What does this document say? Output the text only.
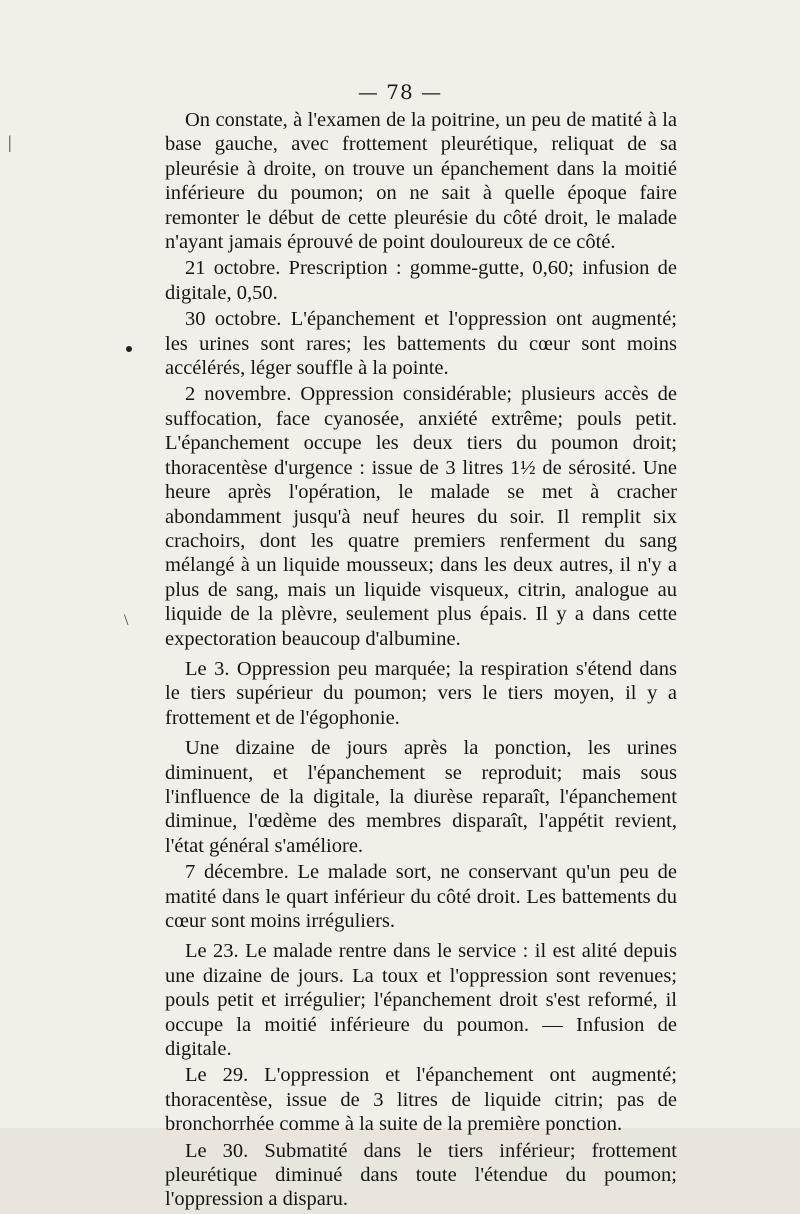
— 78 —
|
\

On constate, à l'examen de la poitrine, un peu de matité à la base gauche, avec frottement pleurétique, reliquat de sa pleurésie à droite, on trouve un épanchement dans la moitié inférieure du poumon; on ne sait à quelle époque faire remonter le début de cette pleurésie du côté droit, le malade n'ayant jamais éprouvé de point douloureux de ce côté.

21 octobre. Prescription : gomme-gutte, 0,60; infusion de digitale, 0,50.

30 octobre. L'épanchement et l'oppression ont augmenté; les urines sont rares; les battements du cœur sont moins accélérés, léger souffle à la pointe.

2 novembre. Oppression considérable; plusieurs accès de suffocation, face cyanosée, anxiété extrême; pouls petit. L'épanchement occupe les deux tiers du poumon droit; thoracentèse d'urgence : issue de 3 litres 1½ de sérosité. Une heure après l'opération, le malade se met à cracher abondamment jusqu'à neuf heures du soir. Il remplit six crachoirs, dont les quatre premiers renferment du sang mélangé à un liquide mousseux; dans les deux autres, il n'y a plus de sang, mais un liquide visqueux, citrin, analogue au liquide de la plèvre, seulement plus épais. Il y a dans cette expectoration beaucoup d'albumine.

Le 3. Oppression peu marquée; la respiration s'étend dans le tiers supérieur du poumon; vers le tiers moyen, il y a frottement et de l'égophonie.

Une dizaine de jours après la ponction, les urines diminuent, et l'épanchement se reproduit; mais sous l'influence de la digitale, la diurèse reparaît, l'épanchement diminue, l'œdème des membres disparaît, l'appétit revient, l'état général s'améliore.

7 décembre. Le malade sort, ne conservant qu'un peu de matité dans le quart inférieur du côté droit. Les battements du cœur sont moins irréguliers.

Le 23. Le malade rentre dans le service : il est alité depuis une dizaine de jours. La toux et l'oppression sont revenues; pouls petit et irrégulier; l'épanchement droit s'est reformé, il occupe la moitié inférieure du poumon. — Infusion de digitale.

Le 29. L'oppression et l'épanchement ont augmenté; thoracentèse, issue de 3 litres de liquide citrin; pas de bronchorrhée comme à la suite de la première ponction.

Le 30. Submatité dans le tiers inférieur; frottement pleurétique diminué dans toute l'étendue du poumon; l'oppression a disparu.
